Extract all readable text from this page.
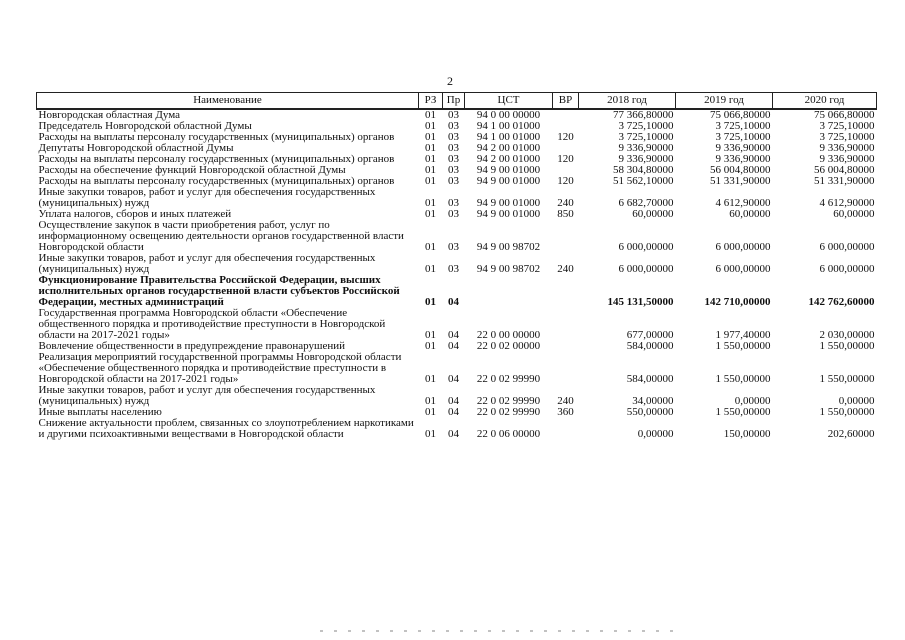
2
Наименование	РЗ	Пр	ЦСТ	ВР	2018 год	2019 год	2020 год
Новгородская областная Дума	01	03	94 0 00 00000		77 366,80000	75 066,80000	75 066,80000
Председатель Новгородской областной Думы	01	03	94 1 00 01000		3 725,10000	3 725,10000	3 725,10000
Расходы на выплаты персоналу государственных (муниципальных) органов	01	03	94 1 00 01000	120	3 725,10000	3 725,10000	3 725,10000
Депутаты Новгородской областной Думы	01	03	94 2 00 01000		9 336,90000	9 336,90000	9 336,90000
Расходы на выплаты персоналу государственных (муниципальных) органов	01	03	94 2 00 01000	120	9 336,90000	9 336,90000	9 336,90000
Расходы на обеспечение функций Новгородской областной Думы	01	03	94 9 00 01000		58 304,80000	56 004,80000	56 004,80000
Расходы на выплаты персоналу государственных (муниципальных) органов	01	03	94 9 00 01000	120	51 562,10000	51 331,90000	51 331,90000
Иные закупки товаров, работ и услуг для обеспечения государственных (муниципальных) нужд	01	03	94 9 00 01000	240	6 682,70000	4 612,90000	4 612,90000
Уплата налогов, сборов и иных платежей	01	03	94 9 00 01000	850	60,00000	60,00000	60,00000
Осуществление закупок в части приобретения работ, услуг по информационному освещению деятельности органов государственной власти Новгородской области	01	03	94 9 00 98702		6 000,00000	6 000,00000	6 000,00000
Иные закупки товаров, работ и услуг для обеспечения государственных (муниципальных) нужд	01	03	94 9 00 98702	240	6 000,00000	6 000,00000	6 000,00000
Функционирование Правительства Российской Федерации, высших исполнительных органов государственной власти субъектов Российской Федерации, местных администраций	01	04			145 131,50000	142 710,00000	142 762,60000
Государственная программа Новгородской области «Обеспечение общественного порядка и противодействие преступности в Новгородской области на 2017-2021 годы»	01	04	22 0 00 00000		677,00000	1 977,40000	2 030,00000
Вовлечение общественности в предупреждение правонарушений	01	04	22 0 02 00000		584,00000	1 550,00000	1 550,00000
Реализация мероприятий государственной программы Новгородской области «Обеспечение общественного порядка и противодействие преступности в Новгородской области на 2017-2021 годы»	01	04	22 0 02 99990		584,00000	1 550,00000	1 550,00000
Иные закупки товаров, работ и услуг для обеспечения государственных (муниципальных) нужд	01	04	22 0 02 99990	240	34,00000	0,00000	0,00000
Иные выплаты населению	01	04	22 0 02 99990	360	550,00000	1 550,00000	1 550,00000
Снижение актуальности проблем, связанных со злоупотреблением наркотиками и другими психоактивными веществами в Новгородской области	01	04	22 0 06 00000		0,00000	150,00000	202,60000
